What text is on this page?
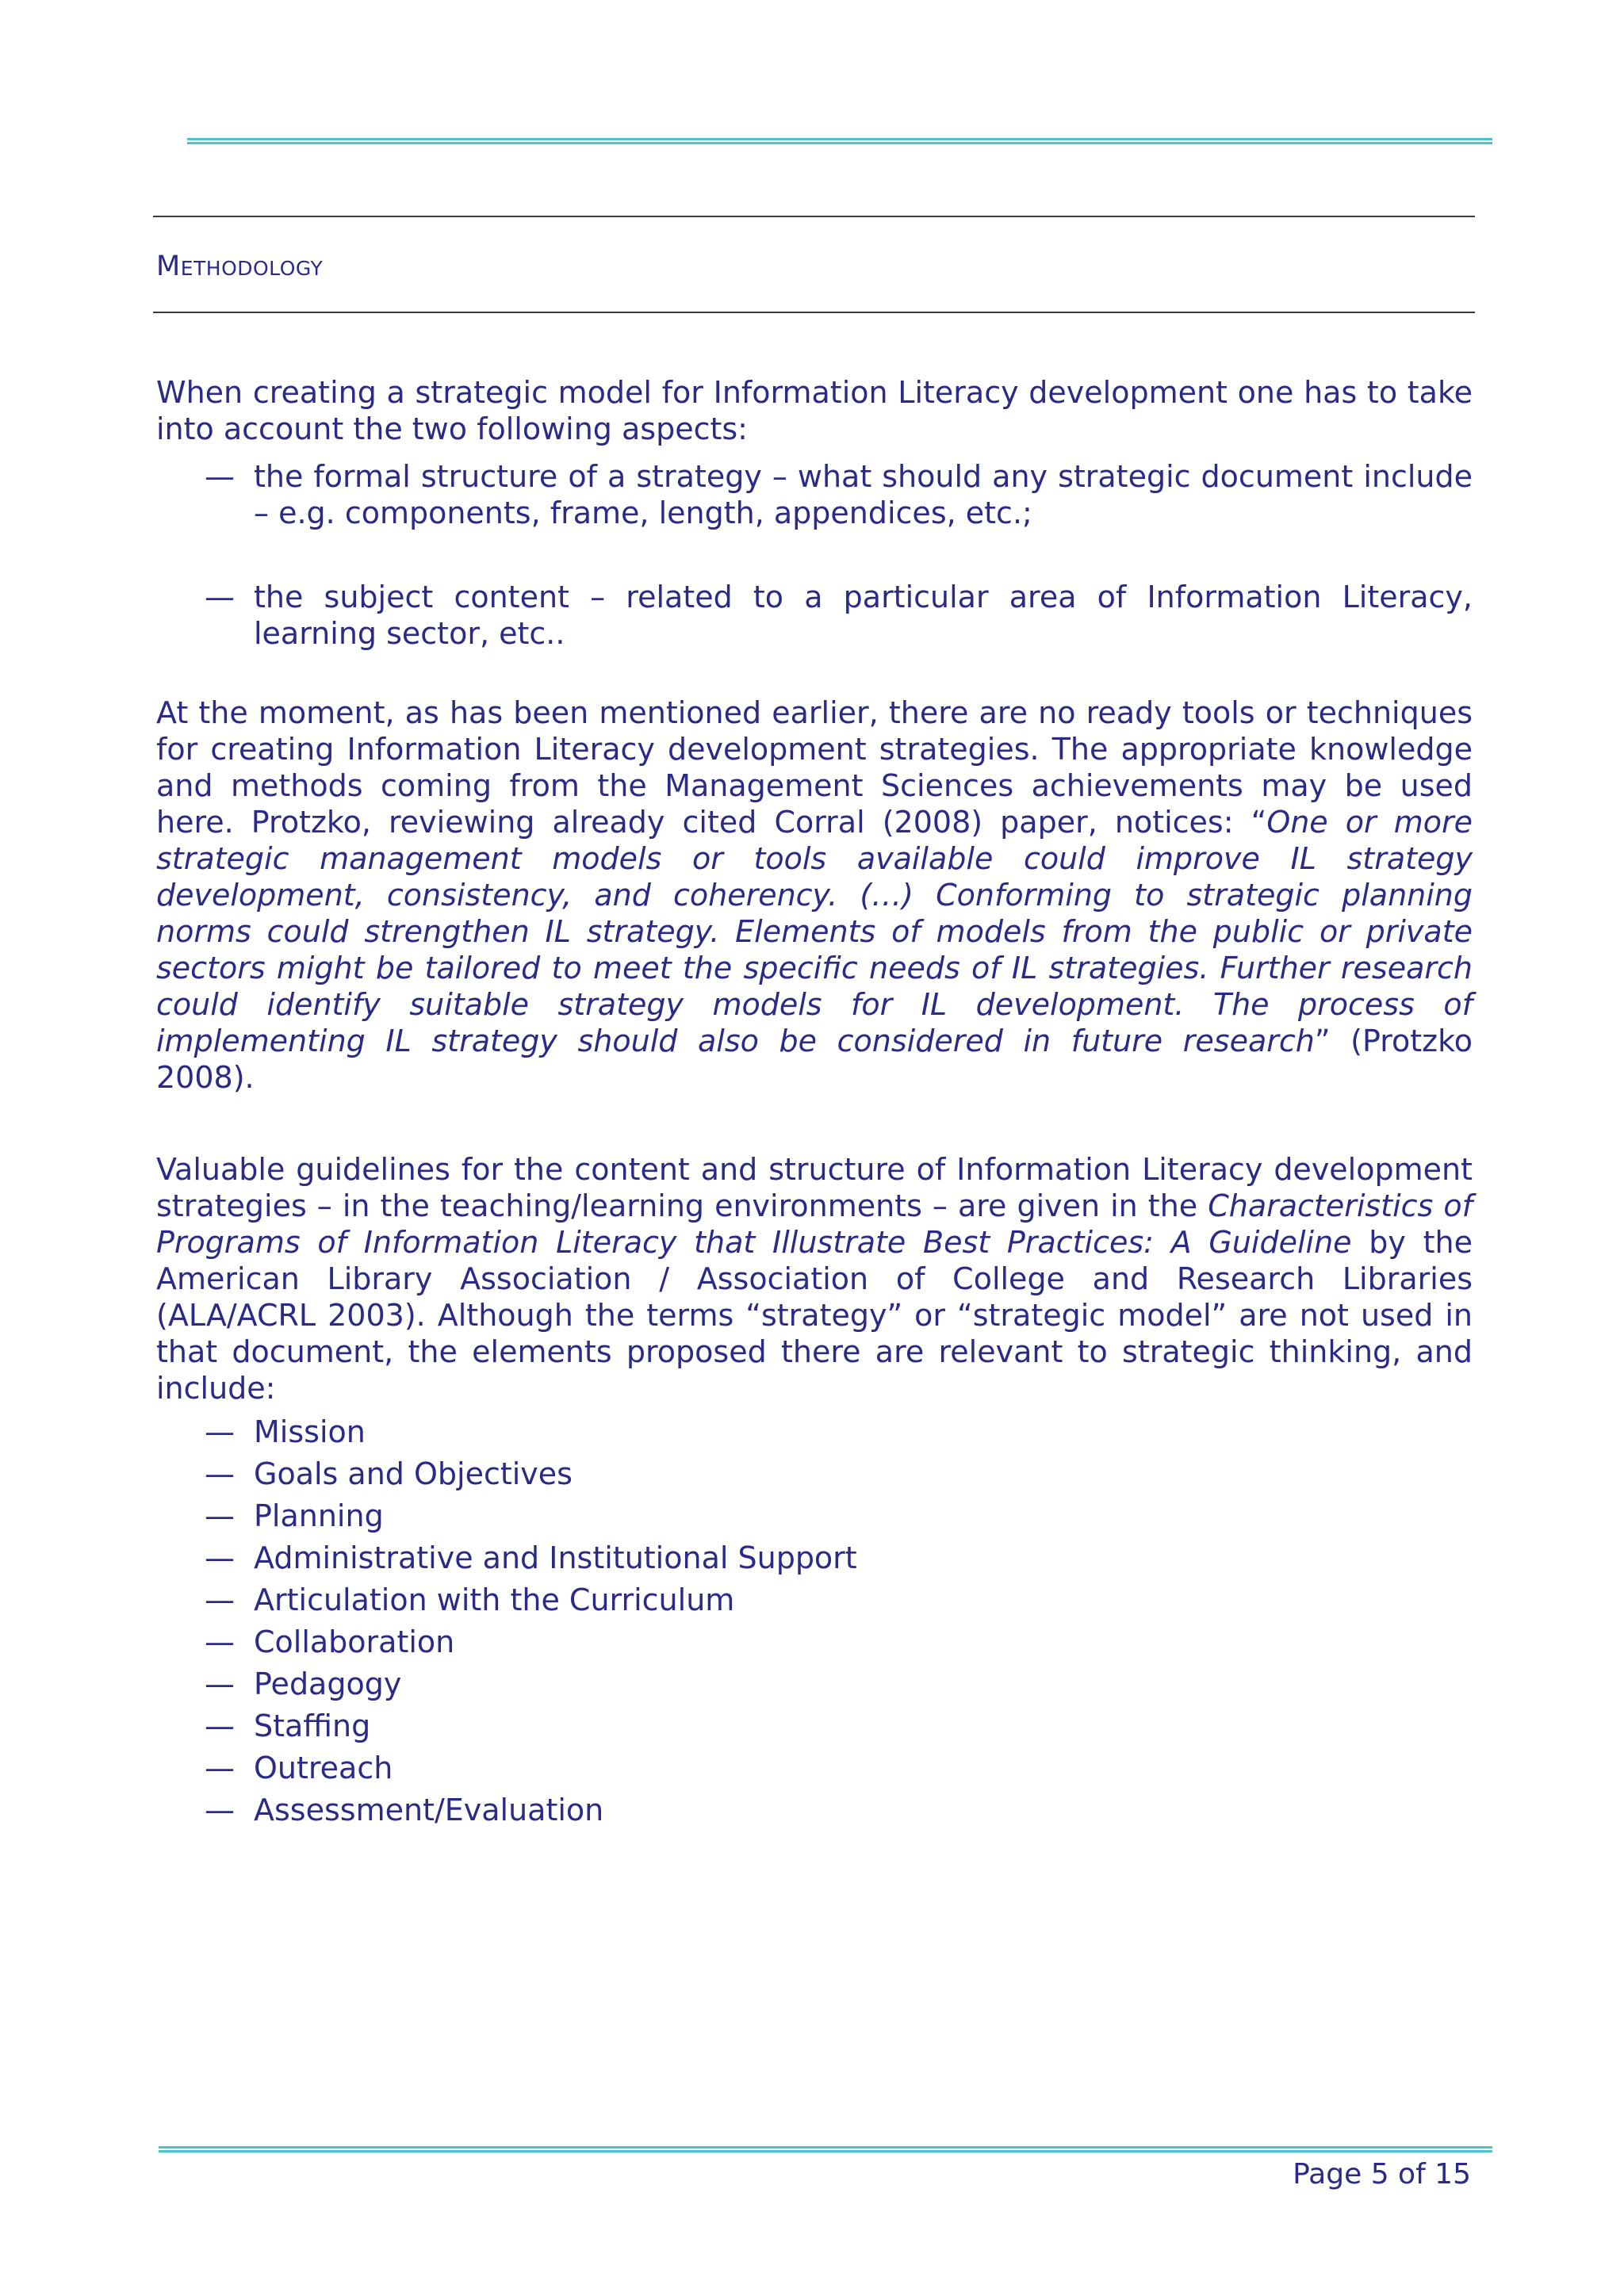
Methodology

When creating a strategic model for Information Literacy development one has to take into account the two following aspects:

— the formal structure of a strategy – what should any strategic document include – e.g. components, frame, length, appendices, etc.;
— the subject content – related to a particular area of Information Literacy, learning sector, etc..

At the moment, as has been mentioned earlier, there are no ready tools or techniques for creating Information Literacy development strategies. The appropriate knowledge and methods coming from the Management Sciences achievements may be used here. Protzko, reviewing already cited Corral (2008) paper, notices: “One or more strategic management models or tools available could improve IL strategy development, consistency, and coherency. (…) Conforming to strategic planning norms could strengthen IL strategy. Elements of models from the public or private sectors might be tailored to meet the specific needs of IL strategies. Further research could identify suitable strategy models for IL development. The process of implementing IL strategy should also be considered in future research” (Protzko 2008).

Valuable guidelines for the content and structure of Information Literacy development strategies – in the teaching/learning environments – are given in the Characteristics of Programs of Information Literacy that Illustrate Best Practices: A Guideline by the American Library Association / Association of College and Research Libraries (ALA/ACRL 2003). Although the terms “strategy” or “strategic model” are not used in that document, the elements proposed there are relevant to strategic thinking, and include:

— Mission
— Goals and Objectives
— Planning
— Administrative and Institutional Support
— Articulation with the Curriculum
— Collaboration
— Pedagogy
— Staffing
— Outreach
— Assessment/Evaluation
Page 5 of 15
